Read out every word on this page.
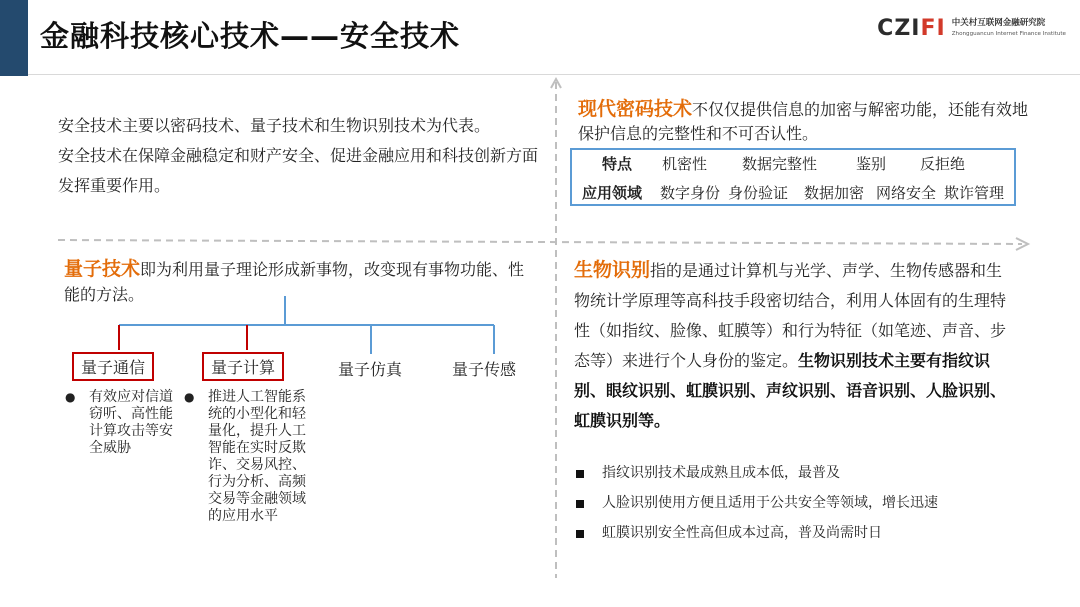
金融科技核心技术——安全技术	CZIFI 中关村互联网金融研究院
Zhongguancun Internet Finance Institute

安全技术主要以密码技术、量子技术和生物识别技术为代表。

安全技术在保障金融稳定和财产安全、促进金融应用和科技创新方面发挥重要作用。

现代密码技术不仅仅提供信息的加密与解密功能，还能有效地保护信息的完整性和不可否认性。
特点 机密性 数据完整性	鉴别 反拒绝
应用领域 数字身份 身份验证 数据加密 网络安全 欺诈管理
量子技术即为利用量子理论形成新事物，改变现有事物功能、性能的方法。
量子通信	量子计算	量子仿真	量子传感
● 有效应对信道窃听、高性能计算攻击等安全威胁
● 推进人工智能系统的小型化和轻量化，提升人工智能在实时反欺诈、交易风控、行为分析、高频交易等金融领域的应用水平
生物识别指的是通过计算机与光学、声学、生物传感器和生物统计学原理等高科技手段密切结合，利用人体固有的生理特性（如指纹、脸像、虹膜等）和行为特征（如笔迹、声音、步态等）来进行个人身份的鉴定。生物识别技术主要有指纹识别、眼纹识别、虹膜识别、声纹识别、语音识别、人脸识别、虹膜识别等。
指纹识别技术最成熟且成本低，最普及
人脸识别使用方便且适用于公共安全等领域，增长迅速
虹膜识别安全性高但成本过高，普及尚需时日
